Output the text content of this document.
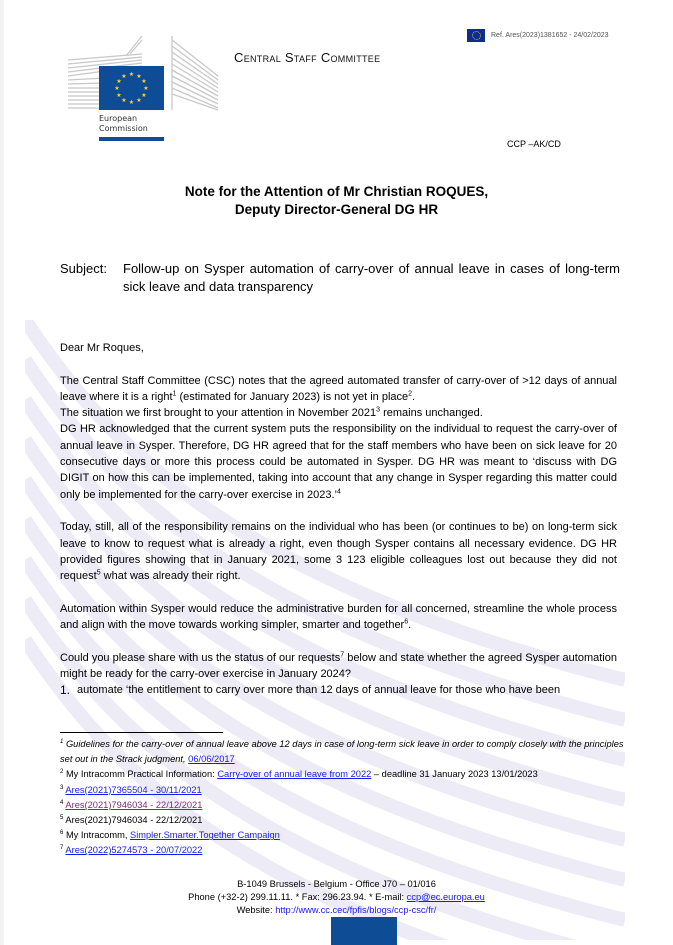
★ ★
★
★
★
★
★
★
★
★
★
★
European
Commission
Central Staff Committee
Ref. Ares(2023)1381652 - 24/02/2023
CCP –AK/CD
Note for the Attention of Mr Christian ROQUES,
Deputy Director-General DG HR
Subject:	Follow-up on Sysper automation of carry-over of annual leave in cases of long-term sick leave and data transparency

Dear Mr Roques,

The Central Staff Committee (CSC) notes that the agreed automated transfer of carry-over of >12 days of annual leave where it is a right$^1$ (estimated for January 2023) is not yet in place$^2$.

The situation we first brought to your attention in November 2021$^3$ remains unchanged.

DG HR acknowledged that the current system puts the responsibility on the individual to request the carry-over of annual leave in Sysper. Therefore, DG HR agreed that for the staff members who have been on sick leave for 20 consecutive days or more this process could be automated in Sysper. DG HR was meant to ‘discuss with DG DIGIT on how this can be implemented, taking into account that any change in Sysper regarding this matter could only be implemented for the carry-over exercise in 2023.’$^4$

Today, still, all of the responsibility remains on the individual who has been (or continues to be) on long-term sick leave to know to request what is already a right, even though Sysper contains all necessary evidence. DG HR provided figures showing that in January 2021, some 3 123 eligible colleagues lost out because they did not request$^5$ what was already their right.

Automation within Sysper would reduce the administrative burden for all concerned, streamline the whole process and align with the move towards working simpler, smarter and together$^6$.

Could you please share with us the status of our requests$^7$ below and state whether the agreed Sysper automation might be ready for the carry-over exercise in January 2024?

1. automate ‘the entitlement to carry over more than 12 days of annual leave for those who have been
$^1$ Guidelines for the carry-over of annual leave above 12 days in case of long-term sick leave in order to comply closely with the principles set out in the Strack judgment, 06/06/2017
$^2$ My Intracomm Practical Information: Carry-over of annual leave from 2022 – deadline 31 January 2023 13/01/2023
$^3$ Ares(2021)7365504 - 30/11/2021
$^4$ Ares(2021)7946034 - 22/12/2021
$^5$ Ares(2021)7946034 - 22/12/2021
$^6$ My Intracomm, Simpler.Smarter.Together Campaign
$^7$ Ares(2022)5274573 - 20/07/2022
B-1049 Brussels - Belgium - Office J70 – 01/016
Phone (+32-2) 299.11.11. * Fax: 296.23.94. * E-mail: ccp@ec.europa.eu
Website: http://www.cc.cec/fpfis/blogs/ccp-csc/fr/
